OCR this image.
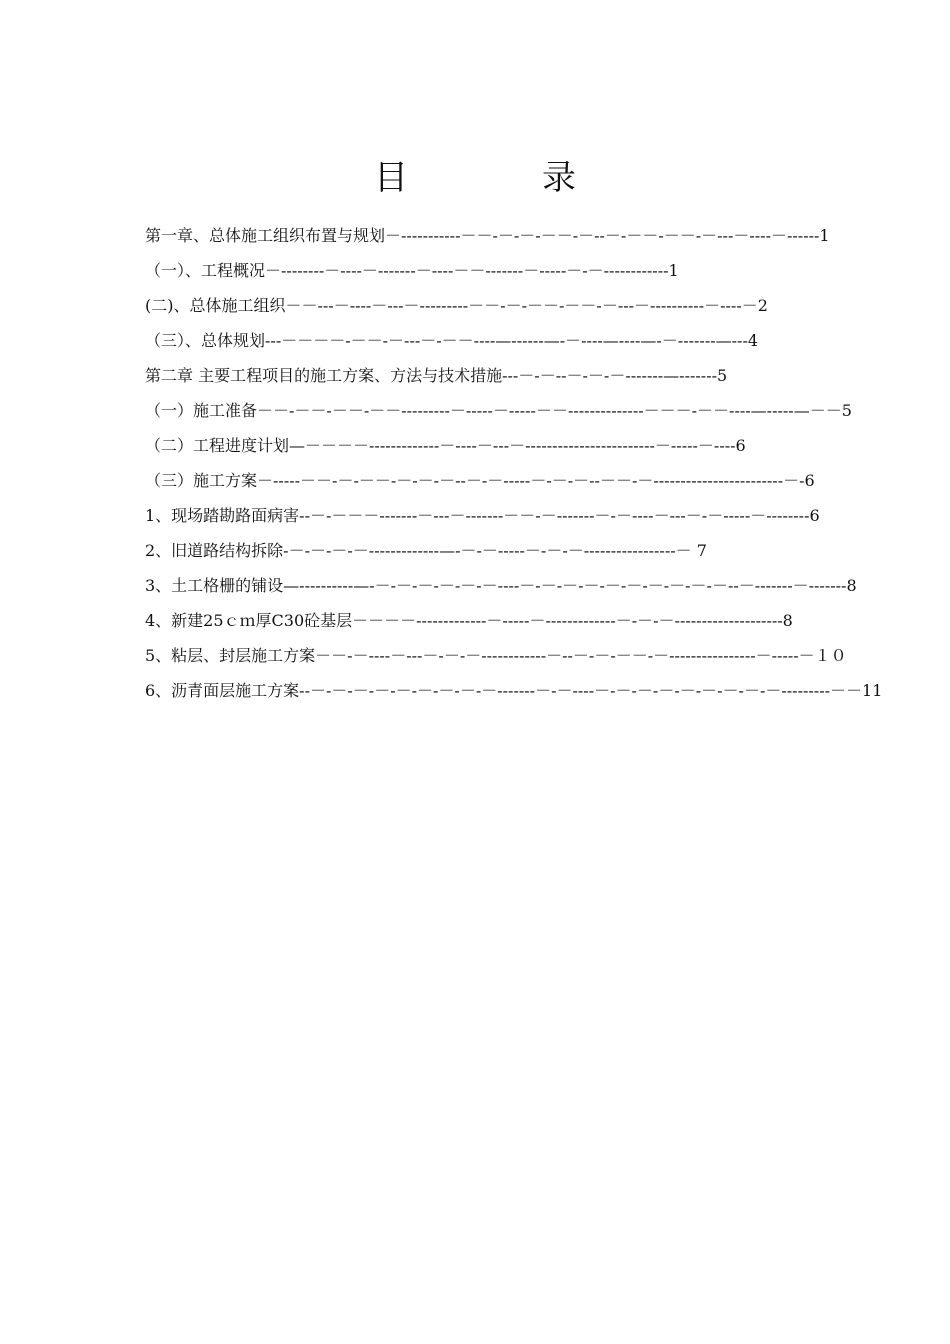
目　录
第一章、总体施工组织布置与规划－-----------－－-－-－-－－-－--－-－－-－－-－---－----－------1
（一）、工程概况－--------－----－-------－----－－-------－-----－-－------------1
(二)、总体施工组织－－---－----－---－---------－－-－-－－-－－-－---－----------－----－2
（三）、总体规划---－－－－-－－-－---－-－－----—------—-－----—----—-－-------—---4
第二章 主要工程项目的施工方案、方法与技术措施---－-－--－-－-－-------—-------5
（一）施工准备－－-－－-－－-－－---------－-----－-----－－--------------－－－-－－----—-----—－－5
（二）工程进度计划—－－－－-------------－----－---－------------------------－-----－----6
（三）施工方案－-----－－-－-－－-－-－-－--－-－-----－-－-－--－－-－------------------------－-6
1、现场踏勘路面病害--－-－－－-------－---－-------－－-－-------－-－----－---－-－-----－--------6
2、旧道路结构拆除-－-－-－-－-------------—-－-－-----－-－-－-----------------－ 7
3、土工格栅的铺设—----------—-－-－-－-－-－-－----－-－-－-－-－-－-－-－-－-－--－-------－-------8
4、新建25ｃｍ厚C30砼基层－－－－-------------－-----－-------------－-－-－--------------------8
5、粘层、封层施工方案－－-－----－---－-－-－------------－--－-－-－－-－----------------－-----－１０
6、沥青面层施工方案--－-－-－-－-－-－-－-－-－-------－-－----－-－-－-－-－-－-－-－-－---------－－11
